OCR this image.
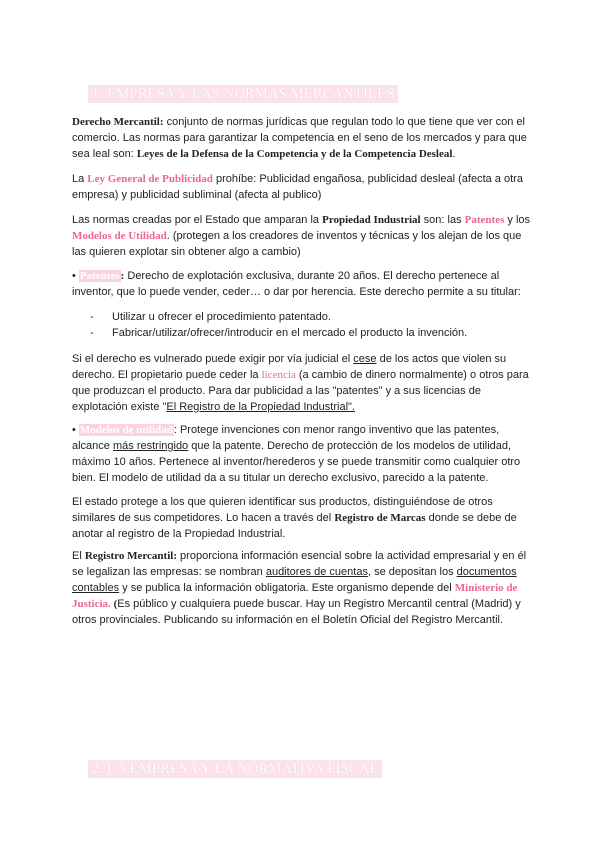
1. EMPRESA Y LAS NORMAS MERCANTILES
Derecho Mercantil: conjunto de normas jurídicas que regulan todo lo que tiene que ver con el comercio. Las normas para garantizar la competencia en el seno de los mercados y para que sea leal son: Leyes de la Defensa de la Competencia y de la Competencia Desleal.
La Ley General de Publicidad prohíbe: Publicidad engañosa, publicidad desleal (afecta a otra empresa) y publicidad subliminal (afecta al publico)
Las normas creadas por el Estado que amparan la Propiedad Industrial son: las Patentes y los Modelos de Utilidad. (protegen a los creadores de inventos y técnicas y los alejan de los que las quieren explotar sin obtener algo a cambio)
• Patentes: Derecho de explotación exclusiva, durante 20 años. El derecho pertenece al inventor, que lo puede vender, ceder… o dar por herencia. Este derecho permite a su titular:
- Utilizar u ofrecer el procedimiento patentado.
- Fabricar/utilizar/ofrecer/introducir en el mercado el producto la invención.
Si el derecho es vulnerado puede exigir por vía judicial el cese de los actos que violen su derecho. El propietario puede ceder la licencia (a cambio de dinero normalmente) o otros para que produzcan el producto. Para dar publicidad a las "patentes" y a sus licencias de explotación existe "El Registro de la Propiedad Industrial".
• Modelos de utilidad: Protege invenciones con menor rango inventivo que las patentes, alcance más restringido que la patente. Derecho de protección de los modelos de utilidad, máximo 10 años. Pertenece al inventor/herederos y se puede transmitir como cualquier otro bien. El modelo de utilidad da a su titular un derecho exclusivo, parecido a la patente.
El estado protege a los que quieren identificar sus productos, distinguiéndose de otros similares de sus competidores. Lo hacen a través del Registro de Marcas donde se debe de anotar al registro de la Propiedad Industrial.
El Registro Mercantil: proporciona información esencial sobre la actividad empresarial y en él se legalizan las empresas: se nombran auditores de cuentas, se depositan los documentos contables y se publica la información obligatoria. Este organismo depende del Ministerio de Justicia. (Es público y cualquiera puede buscar. Hay un Registro Mercantil central (Madrid) y otros provinciales. Publicando su información en el Boletín Oficial del Registro Mercantil.
2. LA EMPRESA Y LA NORMATIVA FISCAL
